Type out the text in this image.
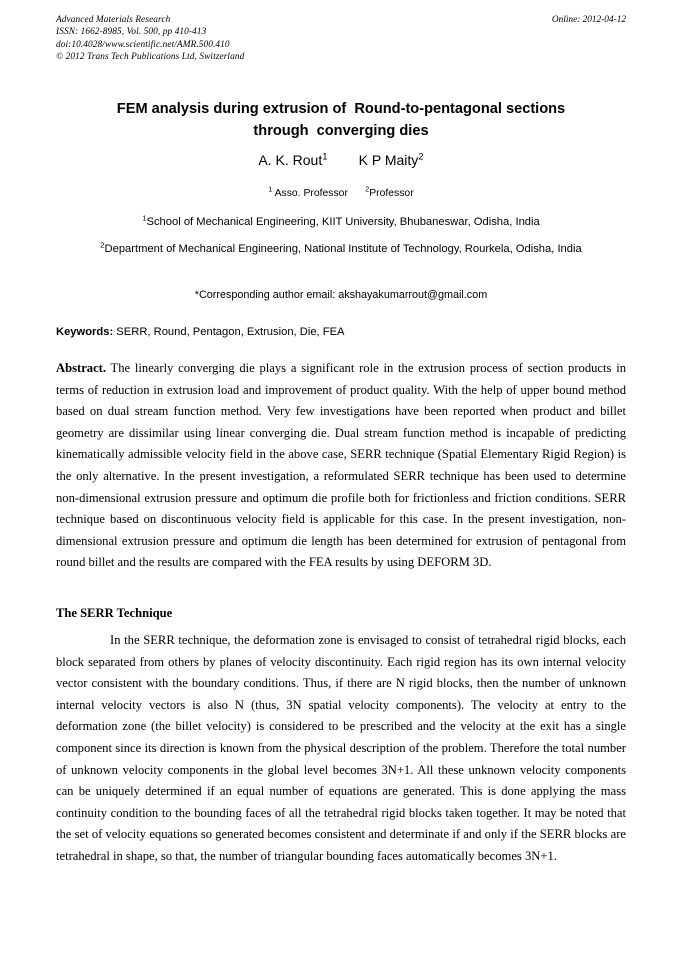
Advanced Materials Research
ISSN: 1662-8985, Vol. 500, pp 410-413
doi:10.4028/www.scientific.net/AMR.500.410
© 2012 Trans Tech Publications Ltd, Switzerland
Online: 2012-04-12
FEM analysis during extrusion of  Round-to-pentagonal sections
through  converging dies
A. K. Rout$^1$ K P Maity$^2$
$^1$ Asso. Professor $^2$Professor
$^1$School of Mechanical Engineering, KIIT University, Bhubaneswar, Odisha, India
$^2$Department of Mechanical Engineering, National Institute of Technology, Rourkela, Odisha, India
*Corresponding author email: akshayakumarrout@gmail.com
Keywords: SERR, Round, Pentagon, Extrusion, Die, FEA
Abstract. The linearly converging die plays a significant role in the extrusion process of section products in terms of reduction in extrusion load and improvement of product quality. With the help of upper bound method based on dual stream function method. Very few investigations have been reported when product and billet geometry are dissimilar using linear converging die. Dual stream function method is incapable of predicting kinematically admissible velocity field in the above case, SERR technique (Spatial Elementary Rigid Region) is the only alternative. In the present investigation, a reformulated SERR technique has been used to determine non-dimensional extrusion pressure and optimum die profile both for frictionless and friction conditions. SERR technique based on discontinuous velocity field is applicable for this case. In the present investigation, non-dimensional extrusion pressure and optimum die length has been determined for extrusion of pentagonal from round billet and the results are compared with the FEA results by using DEFORM 3D.
The SERR Technique
In the SERR technique, the deformation zone is envisaged to consist of tetrahedral rigid blocks, each block separated from others by planes of velocity discontinuity. Each rigid region has its own internal velocity vector consistent with the boundary conditions. Thus, if there are N rigid blocks, then the number of unknown internal velocity vectors is also N (thus, 3N spatial velocity components). The velocity at entry to the deformation zone (the billet velocity) is considered to be prescribed and the velocity at the exit has a single component since its direction is known from the physical description of the problem. Therefore the total number of unknown velocity components in the global level becomes 3N+1. All these unknown velocity components can be uniquely determined if an equal number of equations are generated. This is done applying the mass continuity condition to the bounding faces of all the tetrahedral rigid blocks taken together. It may be noted that the set of velocity equations so generated becomes consistent and determinate if and only if the SERR blocks are tetrahedral in shape, so that, the number of triangular bounding faces automatically becomes 3N+1.
